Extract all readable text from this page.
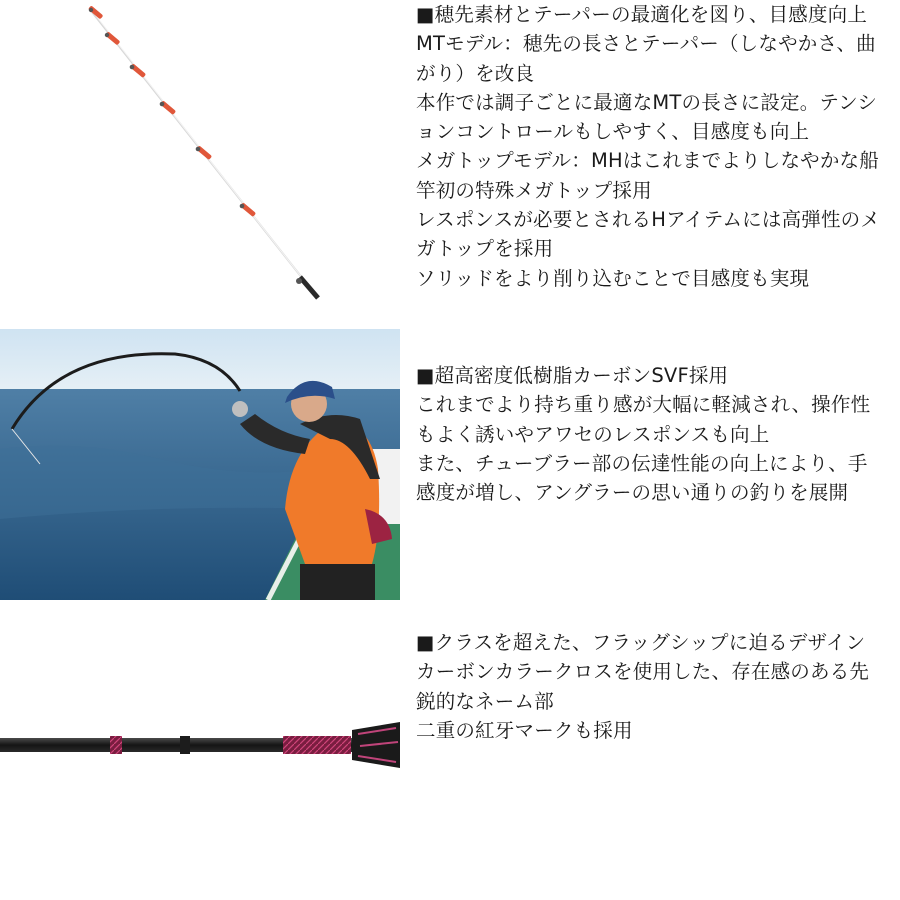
■穂先素材とテーパーの最適化を図り、目感度向上

MTモデル：穂先の長さとテーパー（しなやかさ、曲がり）を改良

本作では調子ごとに最適なMTの長さに設定。テンションコントロールもしやすく、目感度も向上

メガトップモデル：MHはこれまでよりしなやかな船竿初の特殊メガトップ採用

レスポンスが必要とされるHアイテムには高弾性のメガトップを採用

ソリッドをより削り込むことで目感度も実現

■超高密度低樹脂カーボンSVF採用

これまでより持ち重り感が大幅に軽減され、操作性もよく誘いやアワセのレスポンスも向上

また、チューブラー部の伝達性能の向上により、手感度が増し、アングラーの思い通りの釣りを展開

■クラスを超えた、フラッグシップに迫るデザイン

カーボンカラークロスを使用した、存在感のある先鋭的なネーム部

二重の紅牙マークも採用
